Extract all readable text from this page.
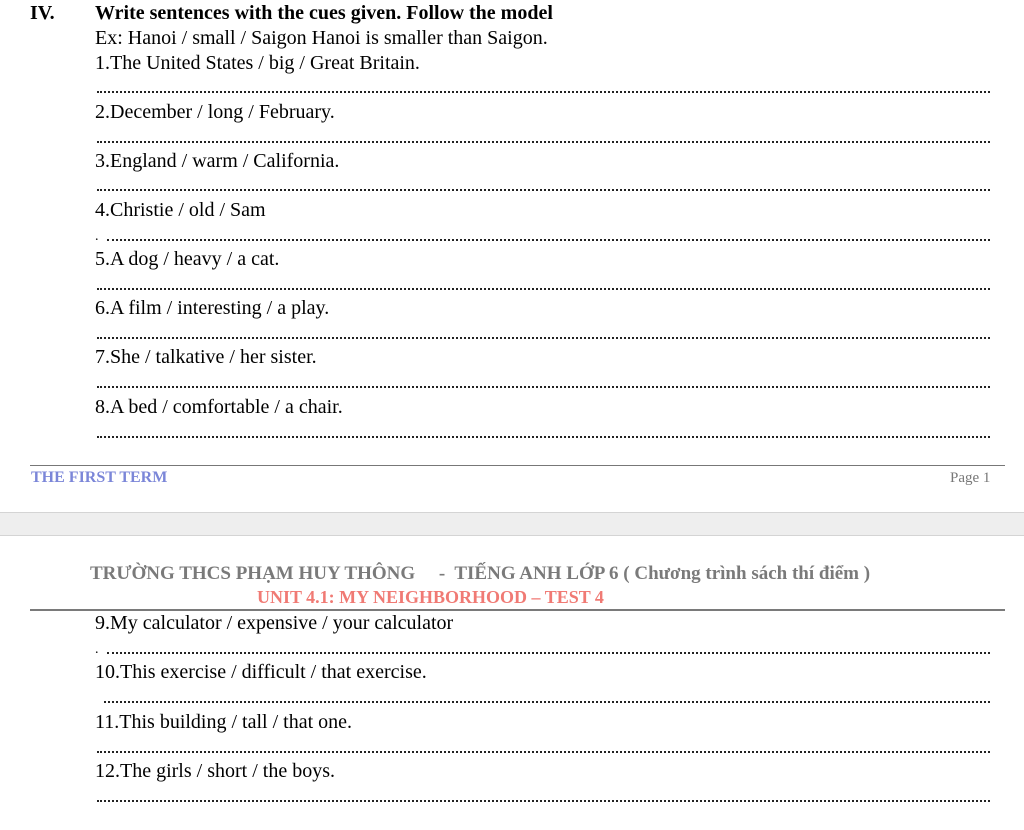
IV. Write sentences with the cues given. Follow the model
Ex: Hanoi / small / Saigon Hanoi is smaller than Saigon.
1.The United States / big / Great Britain.
2.December / long / February.
3.England / warm / California.
4.Christie / old / Sam
.
5.A dog / heavy / a cat.
6.A film / interesting / a play.
7.She / talkative / her sister.
8.A bed / comfortable / a chair.
THE FIRST TERM	Page 1
TRƯỜNG THCS PHẠM HUY THÔNG     -  TIẾNG ANH LỚP 6 ( Chương trình sách thí điểm )
UNIT 4.1: MY NEIGHBORHOOD – TEST 4
9.My calculator / expensive / your calculator
.
10.This exercise / difficult / that exercise.
11.This building / tall / that one.
12.The girls / short / the boys.
